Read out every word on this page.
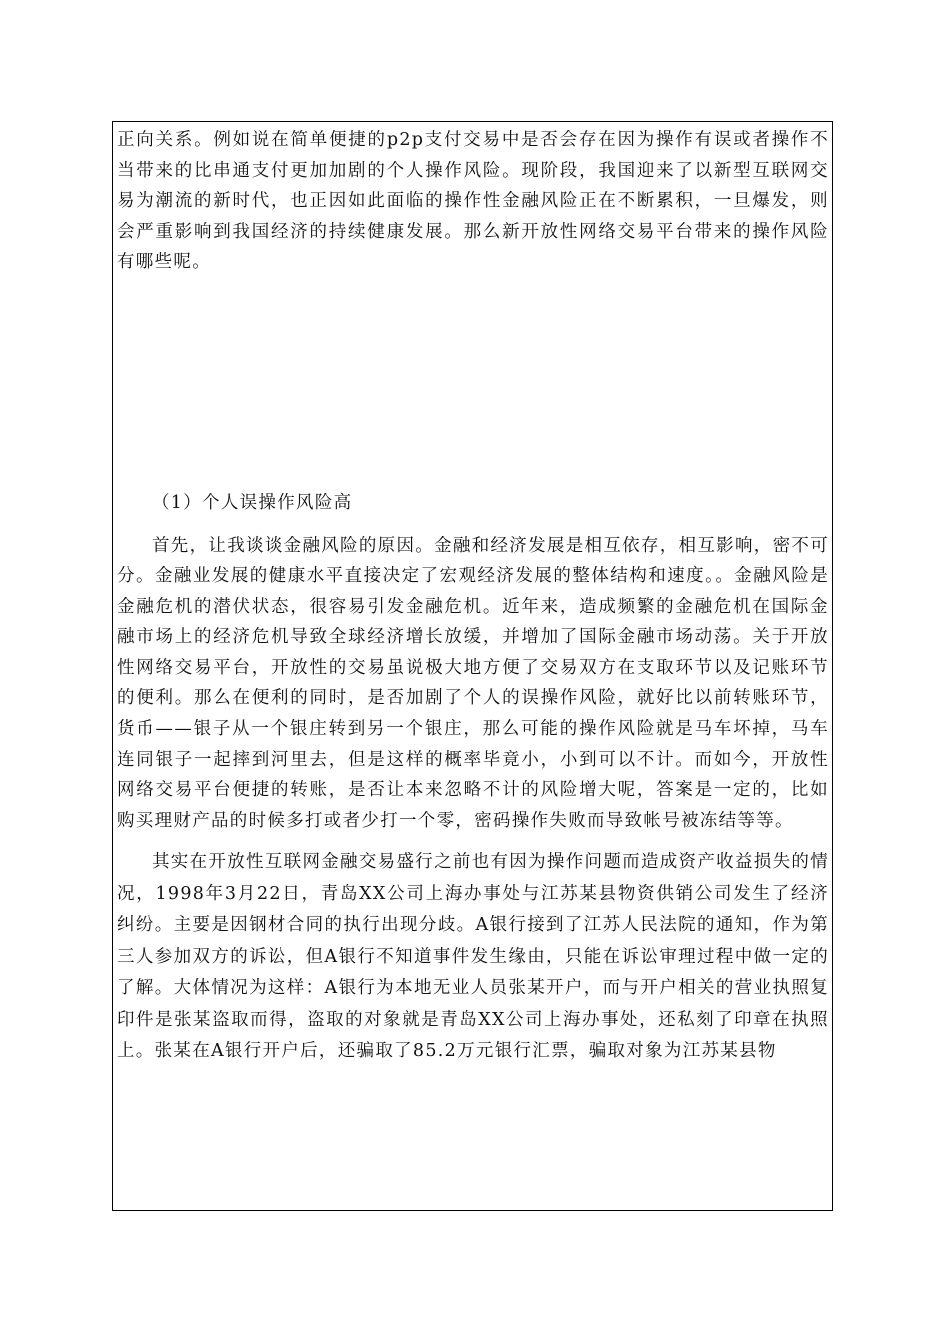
正向关系。例如说在简单便捷的p2p支付交易中是否会存在因为操作有误或者操作不当带来的比串通支付更加加剧的个人操作风险。现阶段，我国迎来了以新型互联网交易为潮流的新时代，也正因如此面临的操作性金融风险正在不断累积，一旦爆发，则会严重影响到我国经济的持续健康发展。那么新开放性网络交易平台带来的操作风险有哪些呢。

（1）个人误操作风险高

首先，让我谈谈金融风险的原因。金融和经济发展是相互依存，相互影响，密不可分。金融业发展的健康水平直接决定了宏观经济发展的整体结构和速度。。金融风险是金融危机的潜伏状态，很容易引发金融危机。近年来，造成频繁的金融危机在国际金融市场上的经济危机导致全球经济增长放缓，并增加了国际金融市场动荡。关于开放性网络交易平台，开放性的交易虽说极大地方便了交易双方在支取环节以及记账环节的便利。那么在便利的同时，是否加剧了个人的误操作风险，就好比以前转账环节，货币——银子从一个银庄转到另一个银庄，那么可能的操作风险就是马车坏掉，马车连同银子一起摔到河里去，但是这样的概率毕竟小，小到可以不计。而如今，开放性网络交易平台便捷的转账，是否让本来忽略不计的风险增大呢，答案是一定的，比如购买理财产品的时候多打或者少打一个零，密码操作失败而导致帐号被冻结等等。

其实在开放性互联网金融交易盛行之前也有因为操作问题而造成资产收益损失的情况，1998年3月22日，青岛XX公司上海办事处与江苏某县物资供销公司发生了经济纠纷。主要是因钢材合同的执行出现分歧。A银行接到了江苏人民法院的通知，作为第三人参加双方的诉讼，但A银行不知道事件发生缘由，只能在诉讼审理过程中做一定的了解。大体情况为这样：A银行为本地无业人员张某开户，而与开户相关的营业执照复印件是张某盗取而得，盗取的对象就是青岛XX公司上海办事处，还私刻了印章在执照上。张某在A银行开户后，还骗取了85.2万元银行汇票，骗取对象为江苏某县物
